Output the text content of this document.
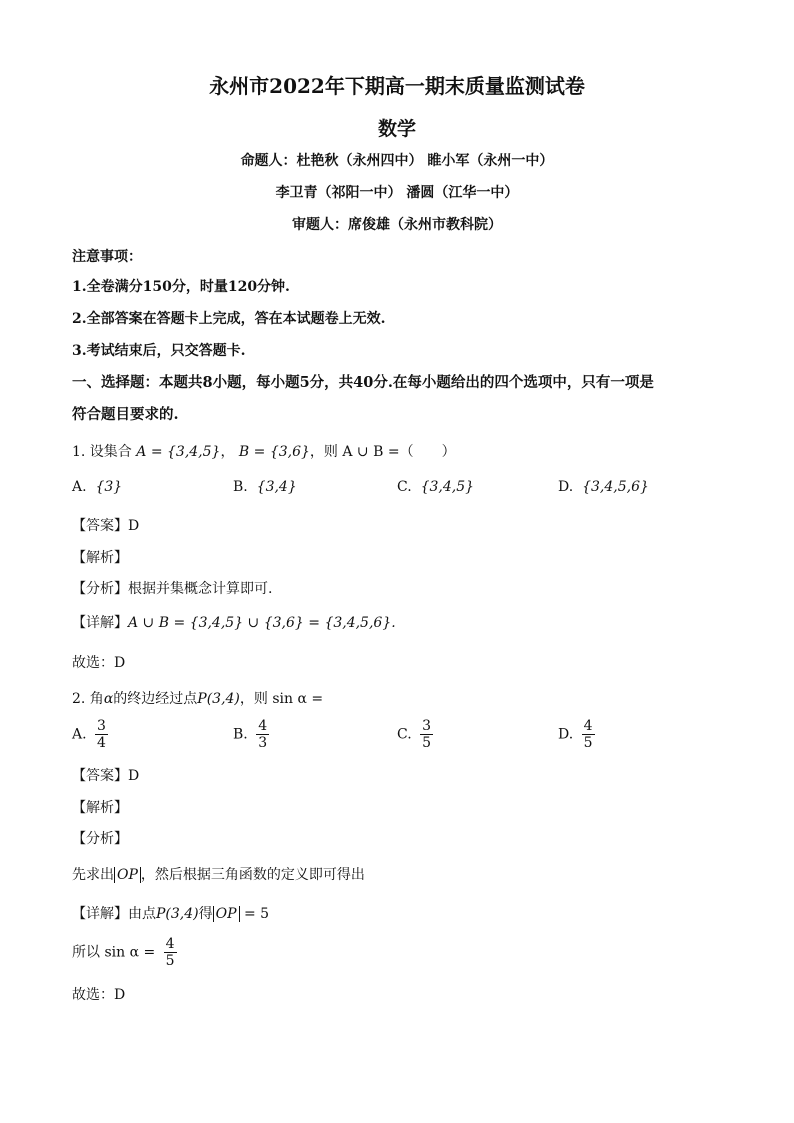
永州市2022年下期高一期末质量监测试卷
数学
命题人：杜艳秋（永州四中） 睢小军（永州一中）
李卫青（祁阳一中） 潘圆（江华一中）
审题人：席俊雄（永州市教科院）
注意事项：
1.全卷满分150分，时量120分钟.
2.全部答案在答题卡上完成，答在本试题卷上无效.
3.考试结束后，只交答题卡.
一、选择题：本题共8小题，每小题5分，共40分.在每小题给出的四个选项中，只有一项是
符合题目要求的.
1. 设集合 A = {3,4,5}， B = {3,6}，则 A ∪ B =（　　）
A. {3}	B. {3,4}	C. {3,4,5}	D. {3,4,5,6}
【答案】D
【解析】
【分析】根据并集概念计算即可.
【详解】A ∪ B = {3,4,5} ∪ {3,6} = {3,4,5,6}.
故选：D
2. 角α的终边经过点P(3,4)，则 sin α =
A. $\frac{3}{4}$	B. $\frac{4}{3}$	C. $\frac{3}{5}$	D. $\frac{4}{5}$
【答案】D
【解析】
【分析】
先求出 OP ，然后根据三角函数的定义即可得出
【详解】由点P(3,4)得 OP = 5
所以 $\sin \alpha = \frac{4}{5}$
故选：D
